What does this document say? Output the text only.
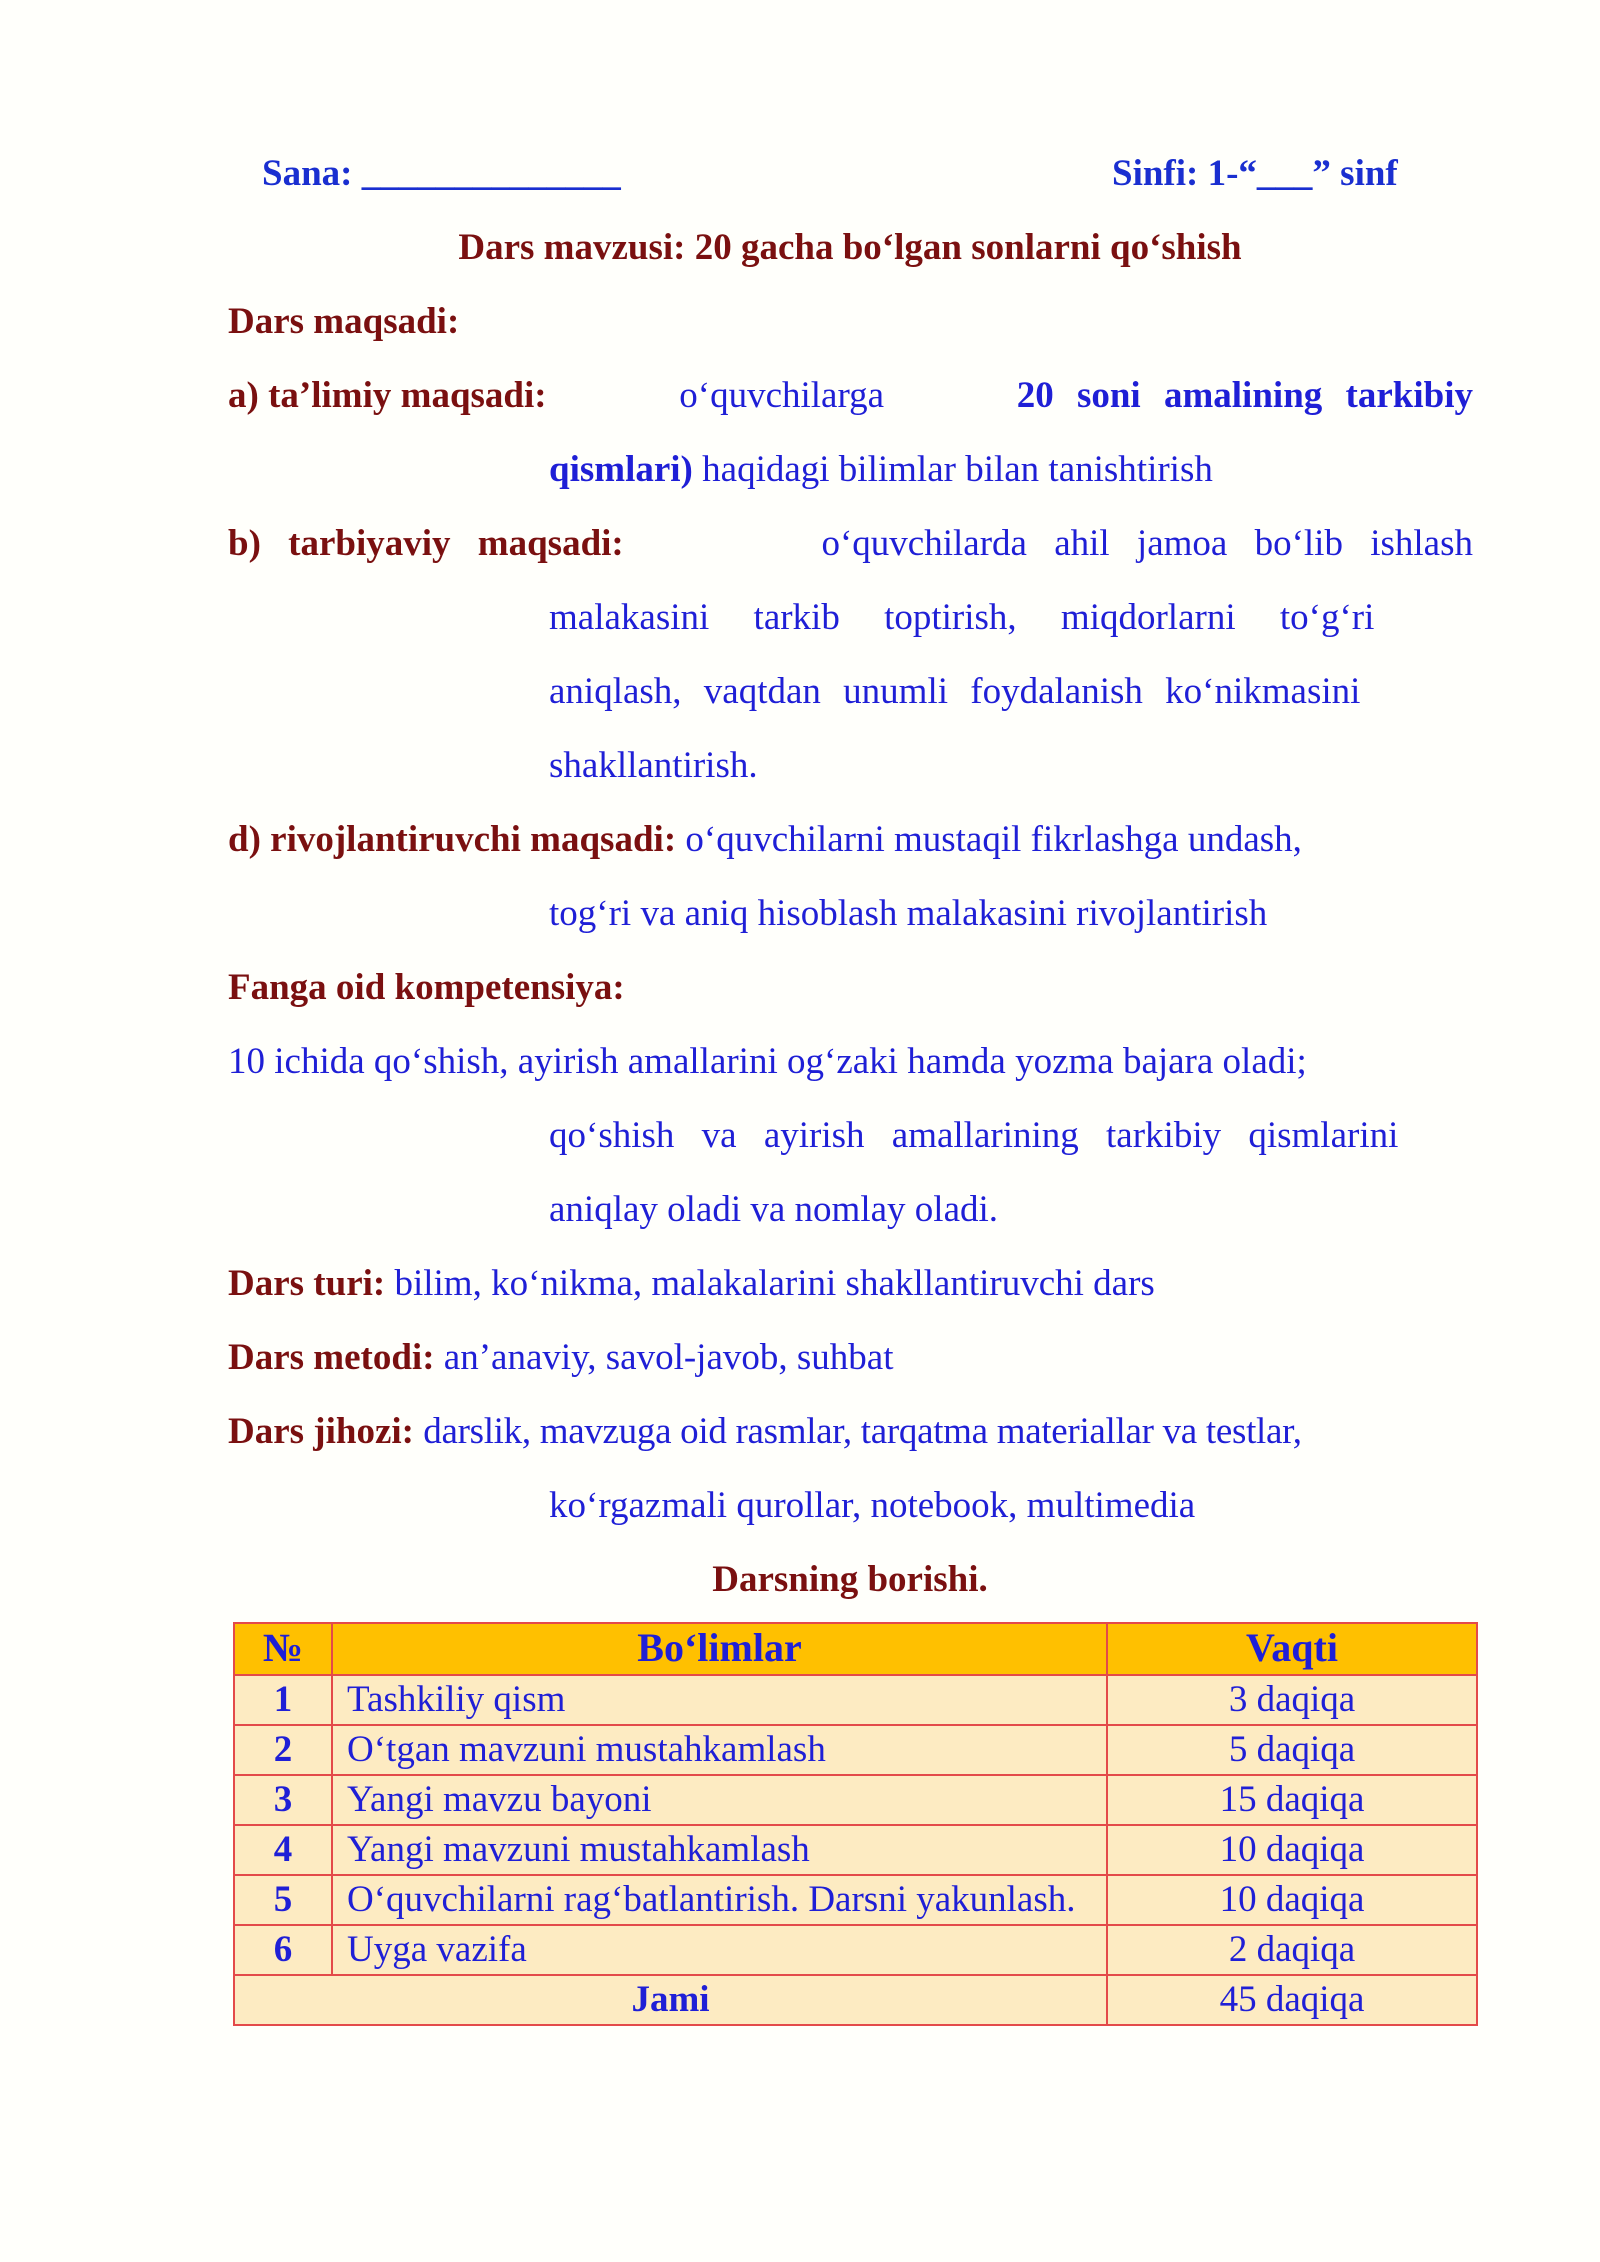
Sana: ______________	Sinfi: 1-“___” sinf
Dars mavzusi: 20 gacha bo‘lgan sonlarni qo‘shish
Dars maqsadi:
a) ta’limiy maqsadi:	o‘quvchilarga	20 soni amalining tarkibiy
qismlari) haqidagi bilimlar bilan tanishtirish
b) tarbiyaviy maqsadi:	o‘quvchilarda ahil jamoa bo‘lib ishlash
malakasini tarkib toptirish, miqdorlarni to‘g‘ri
aniqlash, vaqtdan unumli foydalanish ko‘nikmasini
shakllantirish.
d) rivojlantiruvchi maqsadi: o‘quvchilarni mustaqil fikrlashga undash,
tog‘ri va aniq hisoblash malakasini rivojlantirish
Fanga oid kompetensiya:
10 ichida qo‘shish, ayirish amallarini og‘zaki hamda yozma bajara oladi;
qo‘shish va ayirish amallarining tarkibiy qismlarini
aniqlay oladi va nomlay oladi.
Dars turi: bilim, ko‘nikma, malakalarini shakllantiruvchi dars
Dars metodi: an’anaviy, savol-javob, suhbat
Dars jihozi: darslik, mavzuga oid rasmlar, tarqatma materiallar va testlar,
ko‘rgazmali qurollar, notebook, multimedia
Darsning borishi.
№	Bo‘limlar	Vaqti
1	Tashkiliy qism	3 daqiqa
2	O‘tgan mavzuni mustahkamlash	5 daqiqa
3	Yangi mavzu bayoni	15 daqiqa
4	Yangi mavzuni mustahkamlash	10 daqiqa
5	O‘quvchilarni rag‘batlantirish. Darsni yakunlash.	10 daqiqa
6	Uyga vazifa	2 daqiqa
Jami		45 daqiqa
